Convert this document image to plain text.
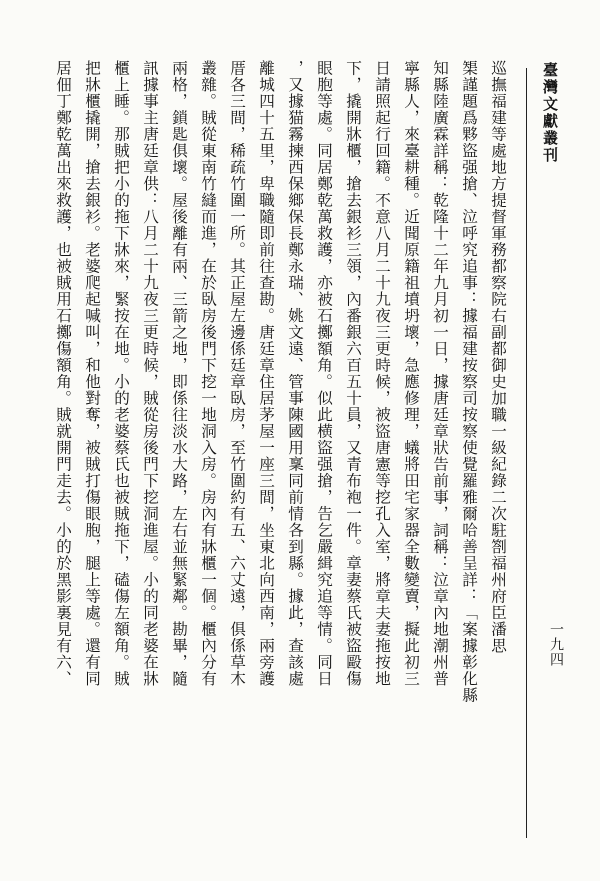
臺灣文獻叢刊
一九四
巡撫福建等處地方提督軍務都察院右副都御史加職一級紀錄二次駐劄福州府臣潘思
榘謹題爲夥盜强搶、泣呼究追事：據福建按察司按察使覺羅雅爾哈善呈詳：「案據彰化縣
知縣陸廣霖詳稱：乾隆十二年九月初一日，據唐廷章狀告前事，詞稱：泣章內地潮州普
寧縣人，來臺耕種。近聞原籍祖墳坍壞，急應修理，蟻將田宅家器全數變賣，擬此初三
日請照起行回籍。不意八月二十九夜三更時候，被盜唐憲等挖孔入室，將章夫妻拖按地
下，撬開牀櫃，搶去銀衫三領，內番銀六百五十員，又青布袍一件。章妻蔡氏被盜毆傷
眼胞等處。同居鄭乾萬救護，亦被石擲額角。似此横盜强搶，告乞嚴緝究追等情。同日
，又據猫霧揀西保鄉保長鄭永瑞、姚文遠、管事陳國用稟同前情各到縣。據此，查該處
離城四十五里，卑職隨即前往查勘。唐廷章住居茅屋一座三間，坐東北向西南，兩旁護
厝各三間，稀疏竹圍一所。其正屋左邊係廷章臥房，至竹圍約有五、六丈遠，俱係草木
叢雜。賊從東南竹縫而進，在於臥房後門下挖一地洞入房。房內有牀櫃一個。櫃內分有
兩格，鎖匙俱壞。屋後離有兩、三箭之地，即係往淡水大路，左右並無緊鄰。勘畢，隨
訊據事主唐廷章供：八月二十九夜三更時候，賊從房後門下挖洞進屋。小的同老婆在牀
櫃上睡。那賊把小的拖下牀來，緊按在地。小的老婆蔡氏也被賊拖下，磕傷左額角。賊
把牀櫃撬開，搶去銀衫。老婆爬起喊叫，和他對奪，被賊打傷眼胞，腿上等處。還有同
居佃丁鄭乾萬出來救護，也被賊用石擲傷額角。賊就開門走去。小的於黑影裏見有六、
